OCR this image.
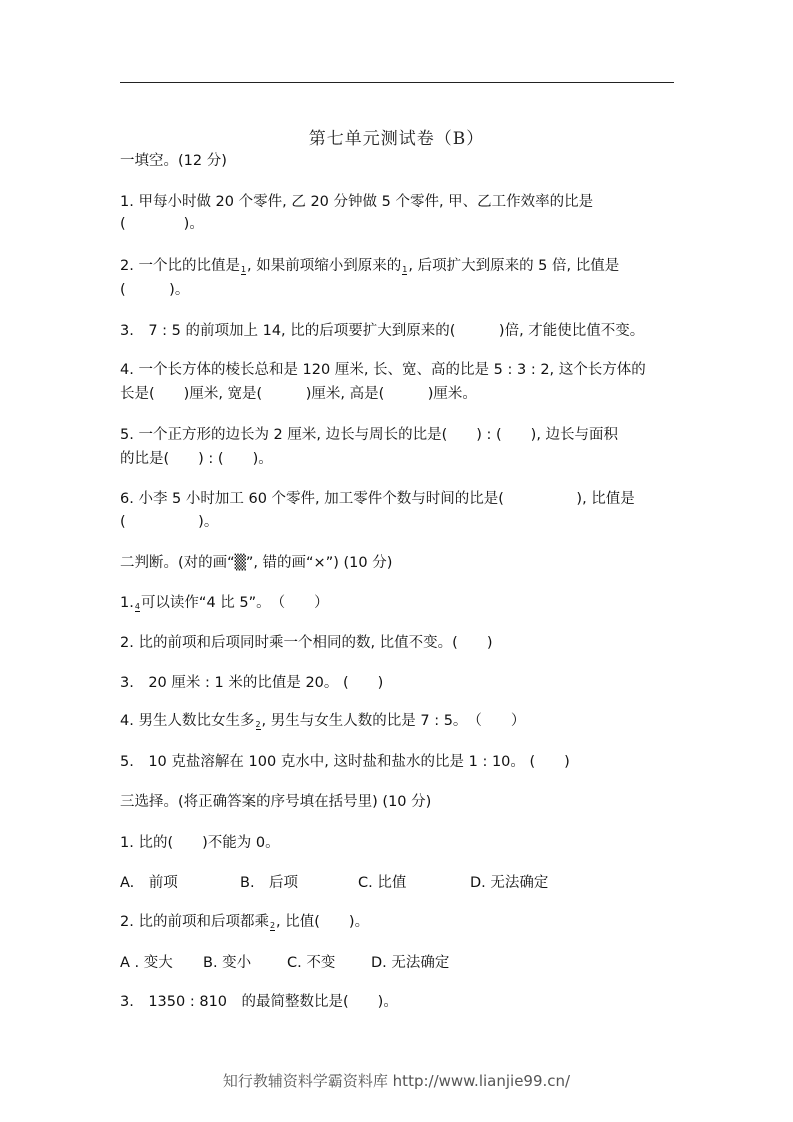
第七单元测试卷（B）
一填空。(12 分)
1. 甲每小时做 20 个零件, 乙 20 分钟做 5 个零件, 甲、乙工作效率的比是
(　　　　)。
2. 一个比的比值是 1 , 如果前项缩小到原来的 1 , 后项扩大到原来的 5 倍, 比值是
(　　　)。
3.　7 : 5 的前项加上 14, 比的后项要扩大到原来的(　　　)倍, 才能使比值不变。
4. 一个长方体的棱长总和是 120 厘米, 长、宽、高的比是 5 : 3 : 2, 这个长方体的
长是(　　)厘米, 宽是(　　　)厘米, 高是(　　　)厘米。
5. 一个正方形的边长为 2 厘米, 边长与周长的比是(　　) : (　　), 边长与面积
的比是(　　) : (　　)。
6. 小李 5 小时加工 60 个零件, 加工零件个数与时间的比是(　　　　　), 比值是
(　　　　　)。
二判断。(对的画“▒”, 错的画“×”) (10 分)
1. 4 可以读作“4 比 5”。　（　　）
2. 比的前项和后项同时乘一个相同的数, 比值不变。(　　)
3.　20 厘米 : 1 米的比值是 20。 (　　)
4. 男生人数比女生多 2 , 男生与女生人数的比是 7 : 5。　（　　）
5.　10 克盐溶解在 100 克水中, 这时盐和盐水的比是 1 : 10。 (　　)
三选择。(将正确答案的序号填在括号里) (10 分)
1. 比的(　　)不能为 0。
A.　前项	B.　后项	C. 比值	D. 无法确定
2. 比的前项和后项都乘 2 , 比值(　　)。
A . 变大 B. 变小 C. 不变 D. 无法确定
3.　1350 : 810　的最简整数比是(　　)。
知行教辅资料学霸资料库 http://www.lianjie99.cn/
